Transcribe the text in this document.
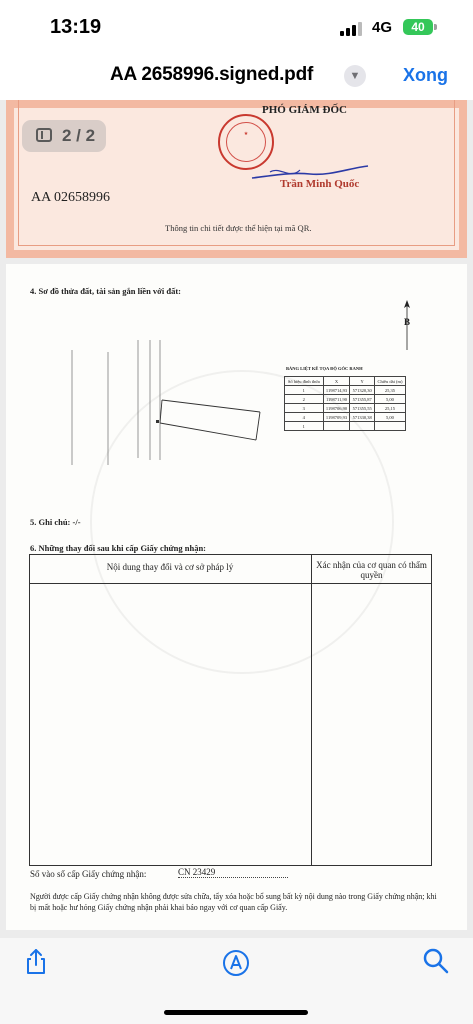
13:19	4G	40
AA 2658996.signed.pdf	▼	Xong
PHÓ GIÁM ĐỐC
★
Trần Minh Quốc
AA 02658996
Thông tin chi tiết được thể hiện tại mã QR.
2 / 2
4. Sơ đồ thửa đất, tài sản gắn liền với đất:
B
BẢNG LIỆT KÊ TỌA ĐỘ GÓC RANH
Số hiệu đỉnh thửa	X	Y	Chiều dài (m)
1	1198714,93	571320,30	25,35
2	1198711,90	571355,87	5,00
3	1198706,90	571355,55	25,15
4	1198709,93	571330,38	5,00
1			
5. Ghi chú: -/-
6. Những thay đổi sau khi cấp Giấy chứng nhận:
Nội dung thay đổi và cơ sở pháp lý	Xác nhận của cơ quan có thẩm quyền
Số vào sổ cấp Giấy chứng nhận:	CN 23429
Người được cấp Giấy chứng nhận không được sửa chữa, tẩy xóa hoặc bổ sung bất kỳ nội dung nào trong Giấy chứng nhận; khi bị mất hoặc hư hỏng Giấy chứng nhận phải khai báo ngay với cơ quan cấp Giấy.
